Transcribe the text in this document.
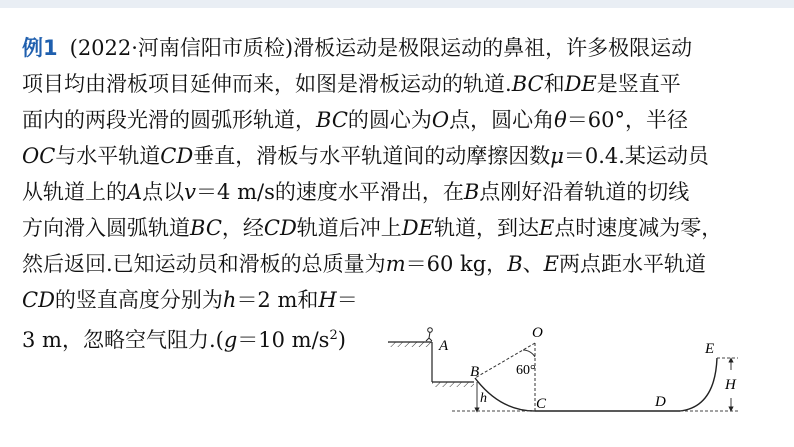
例1 (2022·河南信阳市质检)滑板运动是极限运动的鼻祖，许多极限运动
项目均由滑板项目延伸而来，如图是滑板运动的轨道.BC和DE是竖直平
面内的两段光滑的圆弧形轨道，BC的圆心为O点，圆心角θ＝60°，半径
OC与水平轨道CD垂直，滑板与水平轨道间的动摩擦因数μ＝0.4.某运动员
从轨道上的A点以v＝4 m/s的速度水平滑出，在B点刚好沿着轨道的切线
方向滑入圆弧轨道BC，经CD轨道后冲上DE轨道，到达E点时速度减为零，
然后返回.已知运动员和滑板的总质量为m＝60 kg，B、E两点距水平轨道
CD的竖直高度分别为h＝2 m和H＝
3 m，忽略空气阻力.(g＝10 $m/s^2$)	A
O
60°
B
h	C	D
E
H
